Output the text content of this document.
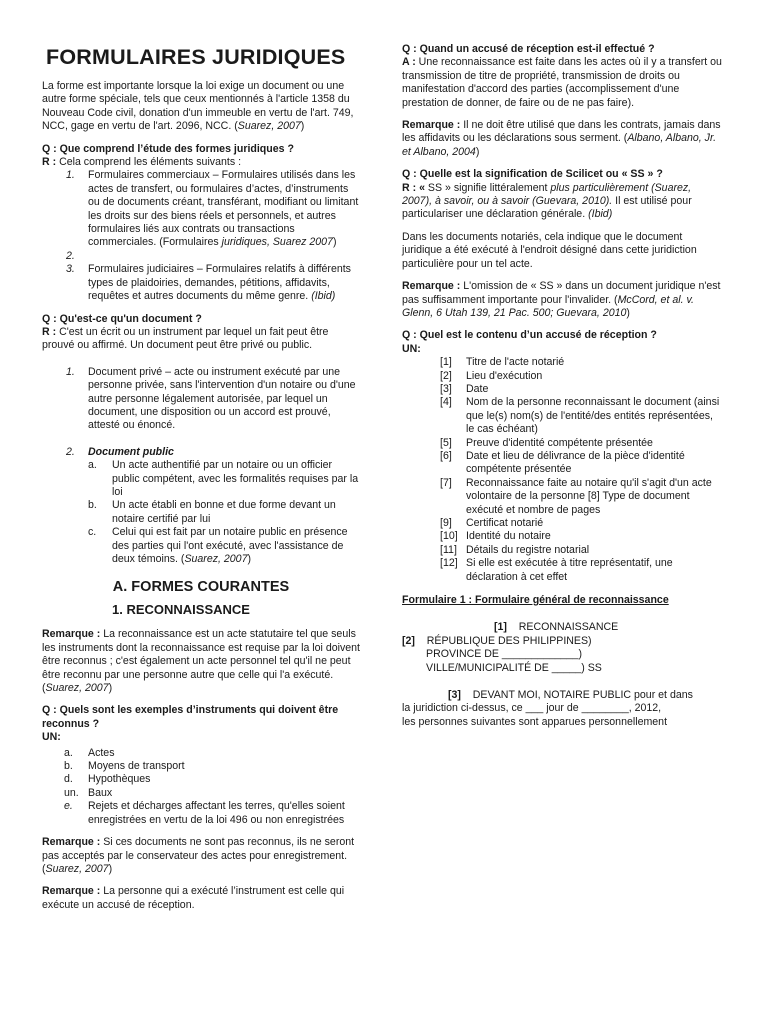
FORMULAIRES JURIDIQUES

La forme est importante lorsque la loi exige un document ou une autre forme spéciale, tels que ceux mentionnés à l'article 1358 du Nouveau Code civil, donation d'un immeuble en vertu de l'art. 749, NCC, gage en vertu de l'art. 2096, NCC. (Suarez, 2007)

Q : Que comprend l’étude des formes juridiques ?

R : Cela comprend les éléments suivants :

1. Formulaires commerciaux – Formulaires utilisés dans les actes de transfert, ou formulaires d’actes, d’instruments ou de documents créant, transférant, modifiant ou limitant les droits sur des biens réels et personnels, et autres formulaires liés aux contrats ou transactions commerciales. (Formulaires juridiques, Suarez 2007)
2.

3. Formulaires judiciaires – Formulaires relatifs à différents types de plaidoiries, demandes, pétitions, affidavits, requêtes et autres documents du même genre. (Ibid)

Q : Qu'est-ce qu'un document ?

R : C'est un écrit ou un instrument par lequel un fait peut être prouvé ou affirmé. Un document peut être privé ou public.

1. Document privé – acte ou instrument exécuté par une personne privée, sans l'intervention d'un notaire ou d'une autre personne légalement autorisée, par lequel un document, une disposition ou un accord est prouvé, attesté ou énoncé.
2. Document public
a. Un acte authentifié par un notaire ou un officier public compétent, avec les formalités requises par la loi
b. Un acte établi en bonne et due forme devant un notaire certifié par lui
c. Celui qui est fait par un notaire public en présence des parties qui l'ont exécuté, avec l'assistance de deux témoins. (Suarez, 2007)
A. FORMES COURANTES
1. RECONNAISSANCE

Remarque : La reconnaissance est un acte statutaire tel que seuls les instruments dont la reconnaissance est requise par la loi doivent être reconnus ; c'est également un acte personnel tel qu'il ne peut être reconnu par une personne autre que celle qui l'a exécuté. (Suarez, 2007)

Q : Quels sont les exemples d’instruments qui doivent être reconnus ?

UN:

a. Actes
b. Moyens de transport
d. Hypothèques
un. Baux
e. Rejets et décharges affectant les terres, qu'elles soient enregistrées en vertu de la loi 496 ou non enregistrées

Remarque : Si ces documents ne sont pas reconnus, ils ne seront pas acceptés par le conservateur des actes pour enregistrement. (Suarez, 2007)

Remarque : La personne qui a exécuté l’instrument est celle qui exécute un accusé de réception.

Q : Quand un accusé de réception est-il effectué ?

A : Une reconnaissance est faite dans les actes où il y a transfert ou transmission de titre de propriété, transmission de droits ou manifestation d'accord des parties (accomplissement d'une prestation de donner, de faire ou de ne pas faire).

Remarque : Il ne doit être utilisé que dans les contrats, jamais dans les affidavits ou les déclarations sous serment. (Albano, Albano, Jr. et Albano, 2004)

Q : Quelle est la signification de Scilicet ou « SS » ?

R : « SS » signifie littéralement plus particulièrement (Suarez, 2007), à savoir, ou à savoir (Guevara, 2010). Il est utilisé pour particulariser une déclaration générale. (Ibid)

Dans les documents notariés, cela indique que le document juridique a été exécuté à l'endroit désigné dans cette juridiction particulière pour un tel acte.

Remarque : L'omission de « SS » dans un document juridique n'est pas suffisamment importante pour l'invalider. (McCord, et al. v. Glenn, 6 Utah 139, 21 Pac. 500; Guevara, 2010)

Q : Quel est le contenu d’un accusé de réception ?

UN:

[1]	Titre de l'acte notarié
[2]	Lieu d'exécution
[3]	Date
[4]	Nom de la personne reconnaissant le document (ainsi que le(s) nom(s) de l'entité/des entités représentées, le cas échéant)
[5]	Preuve d'identité compétente présentée
[6]	Date et lieu de délivrance de la pièce d'identité compétente présentée
[7]	Reconnaissance faite au notaire qu'il s'agit d'un acte volontaire de la personne [8] Type de document exécuté et nombre de pages
[9]	Certificat notarié
[10] Identité du notaire
[11] Détails du registre notarial
[12] Si elle est exécutée à titre représentatif, une déclaration à cet effet

Formulaire 1 : Formulaire général de reconnaissance

[1] RECONNAISSANCE

[2] RÉPUBLIQUE DES PHILIPPINES)

PROVINCE DE _____________)

VILLE/MUNICIPALITÉ DE _____) SS

[3] DEVANT MOI, NOTAIRE PUBLIC pour et dans

la juridiction ci-dessus, ce ___ jour de ________, 2012,

les personnes suivantes sont apparues personnellement
